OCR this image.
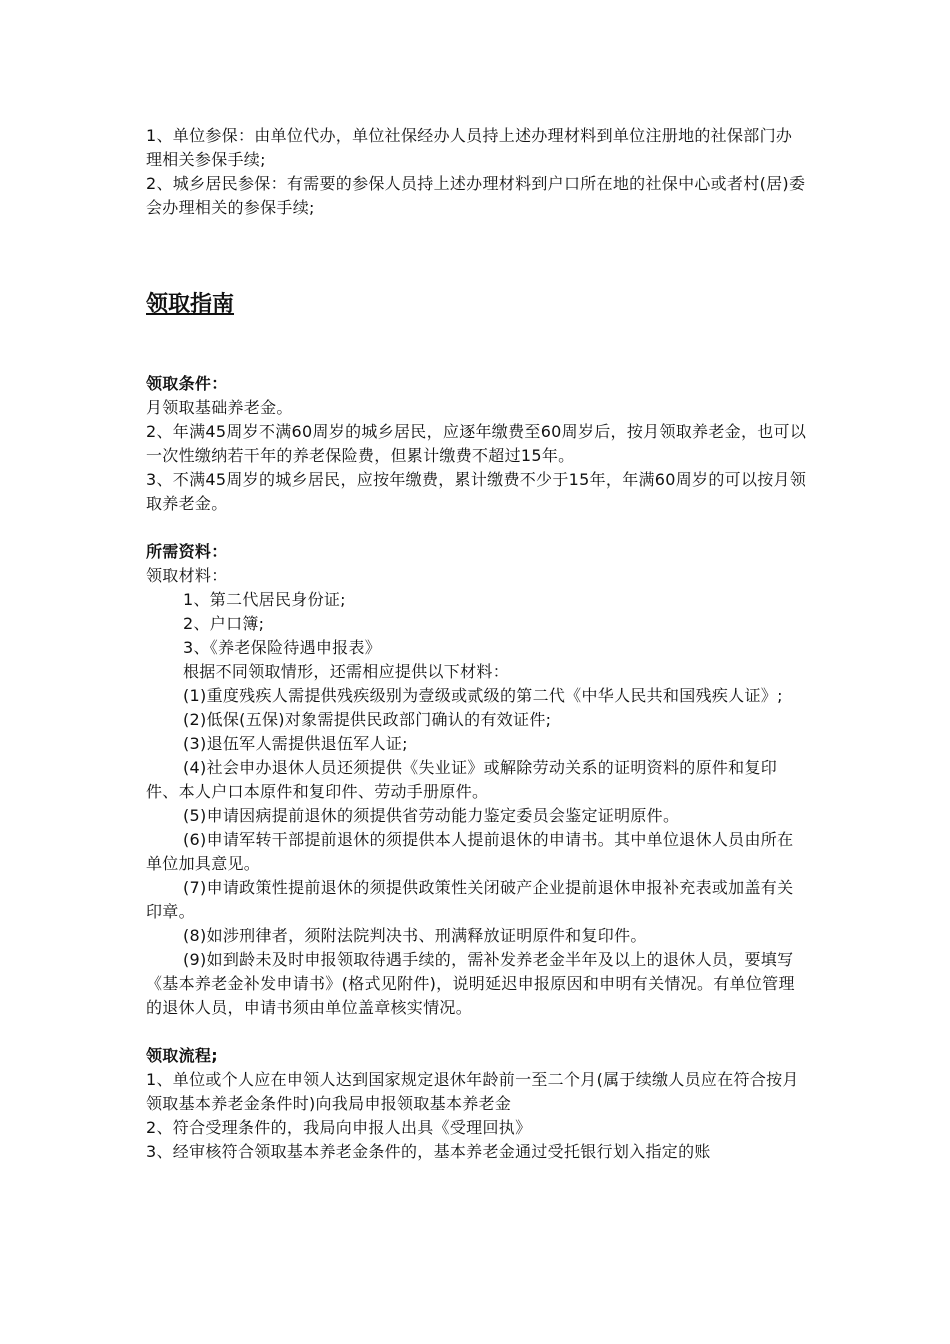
1、单位参保：由单位代办，单位社保经办人员持上述办理材料到单位注册地的社保部门办理相关参保手续;

2、城乡居民参保：有需要的参保人员持上述办理材料到户口所在地的社保中心或者村(居)委会办理相关的参保手续;

领取指南

领取条件：

月领取基础养老金。

2、年满45周岁不满60周岁的城乡居民，应逐年缴费至60周岁后，按月领取养老金，也可以一次性缴纳若干年的养老保险费，但累计缴费不超过15年。

3、不满45周岁的城乡居民，应按年缴费，累计缴费不少于15年，年满60周岁的可以按月领取养老金。

所需资料：

领取材料：

1、第二代居民身份证;

2、户口簿;

3、《养老保险待遇申报表》

根据不同领取情形，还需相应提供以下材料：

(1)重度残疾人需提供残疾级别为壹级或贰级的第二代《中华人民共和国残疾人证》;

(2)低保(五保)对象需提供民政部门确认的有效证件;

(3)退伍军人需提供退伍军人证;

(4)社会申办退休人员还须提供《失业证》或解除劳动关系的证明资料的原件和复印件、本人户口本原件和复印件、劳动手册原件。

(5)申请因病提前退休的须提供省劳动能力鉴定委员会鉴定证明原件。

(6)申请军转干部提前退休的须提供本人提前退休的申请书。其中单位退休人员由所在单位加具意见。

(7)申请政策性提前退休的须提供政策性关闭破产企业提前退休申报补充表或加盖有关印章。

(8)如涉刑律者，须附法院判决书、刑满释放证明原件和复印件。

(9)如到龄未及时申报领取待遇手续的，需补发养老金半年及以上的退休人员，要填写《基本养老金补发申请书》(格式见附件)，说明延迟申报原因和申明有关情况。有单位管理的退休人员，申请书须由单位盖章核实情况。

领取流程;

1、单位或个人应在申领人达到国家规定退休年龄前一至二个月(属于续缴人员应在符合按月领取基本养老金条件时)向我局申报领取基本养老金

2、符合受理条件的，我局向申报人出具《受理回执》

3、经审核符合领取基本养老金条件的，基本养老金通过受托银行划入指定的账
